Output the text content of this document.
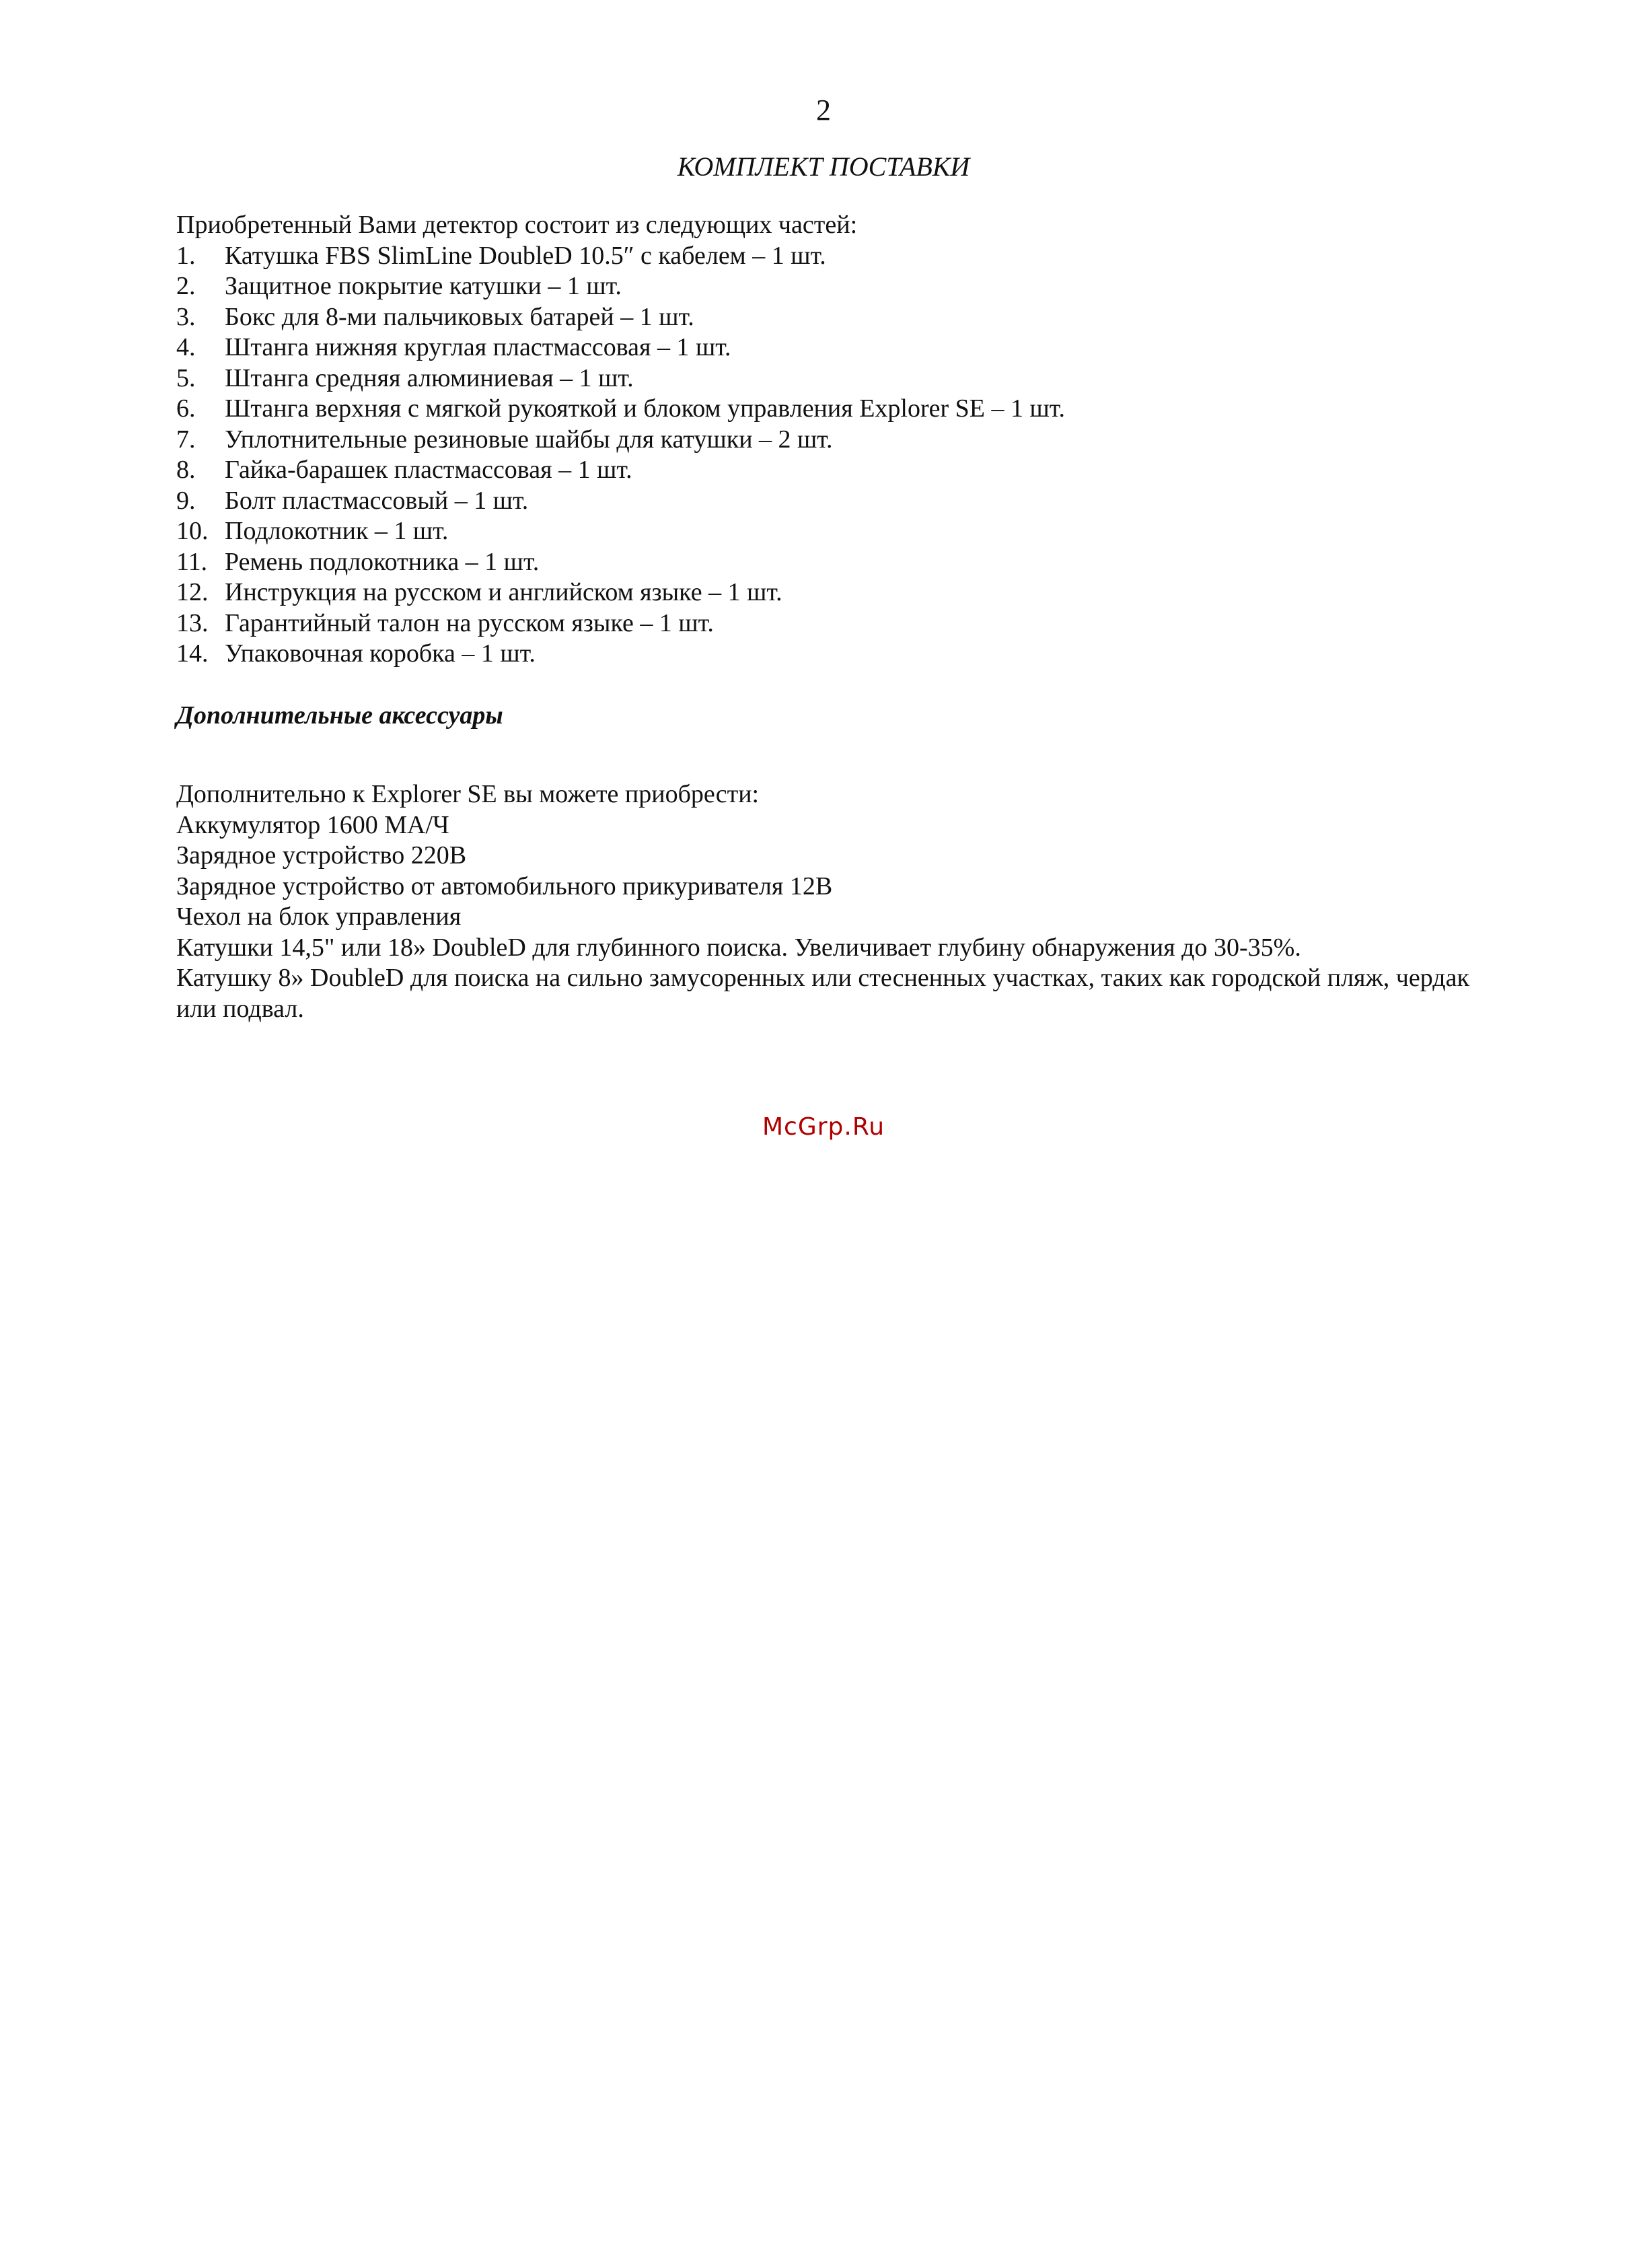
2
КОМПЛЕКТ ПОСТАВКИ

Приобретенный Вами детектор состоит из следующих частей:

1.	Катушка FBS SlimLine DoubleD 10.5″ с кабелем – 1 шт.
2.	Защитное покрытие катушки – 1 шт.
3.	Бокс для 8-ми пальчиковых батарей – 1 шт.
4.	Штанга нижняя круглая пластмассовая – 1 шт.
5.	Штанга средняя алюминиевая – 1 шт.
6.	Штанга верхняя с мягкой рукояткой и блоком управления Explorer SE – 1 шт.
7.	Уплотнительные резиновые шайбы для катушки – 2 шт.
8.	Гайка-барашек пластмассовая – 1 шт.
9.	Болт пластмассовый – 1 шт.
10. Подлокотник – 1 шт.
11. Ремень подлокотника – 1 шт.
12. Инструкция на русском и английском языке – 1 шт.
13. Гарантийный талон на русском языке – 1 шт.
14. Упаковочная коробка – 1 шт.

Дополнительные аксессуары

Дополнительно к Explorer SE вы можете приобрести:

Аккумулятор 1600 МА/Ч
Зарядное устройство 220В
Зарядное устройство от автомобильного прикуривателя 12В
Чехол на блок управления
Катушки 14,5" или 18» DoubleD для глубинного поиска. Увеличивает глубину обнаружения до 30-35%.
Катушку 8» DoubleD для поиска на сильно замусоренных или стесненных участках, таких как городской пляж, чердак или подвал.
McGrp.Ru
